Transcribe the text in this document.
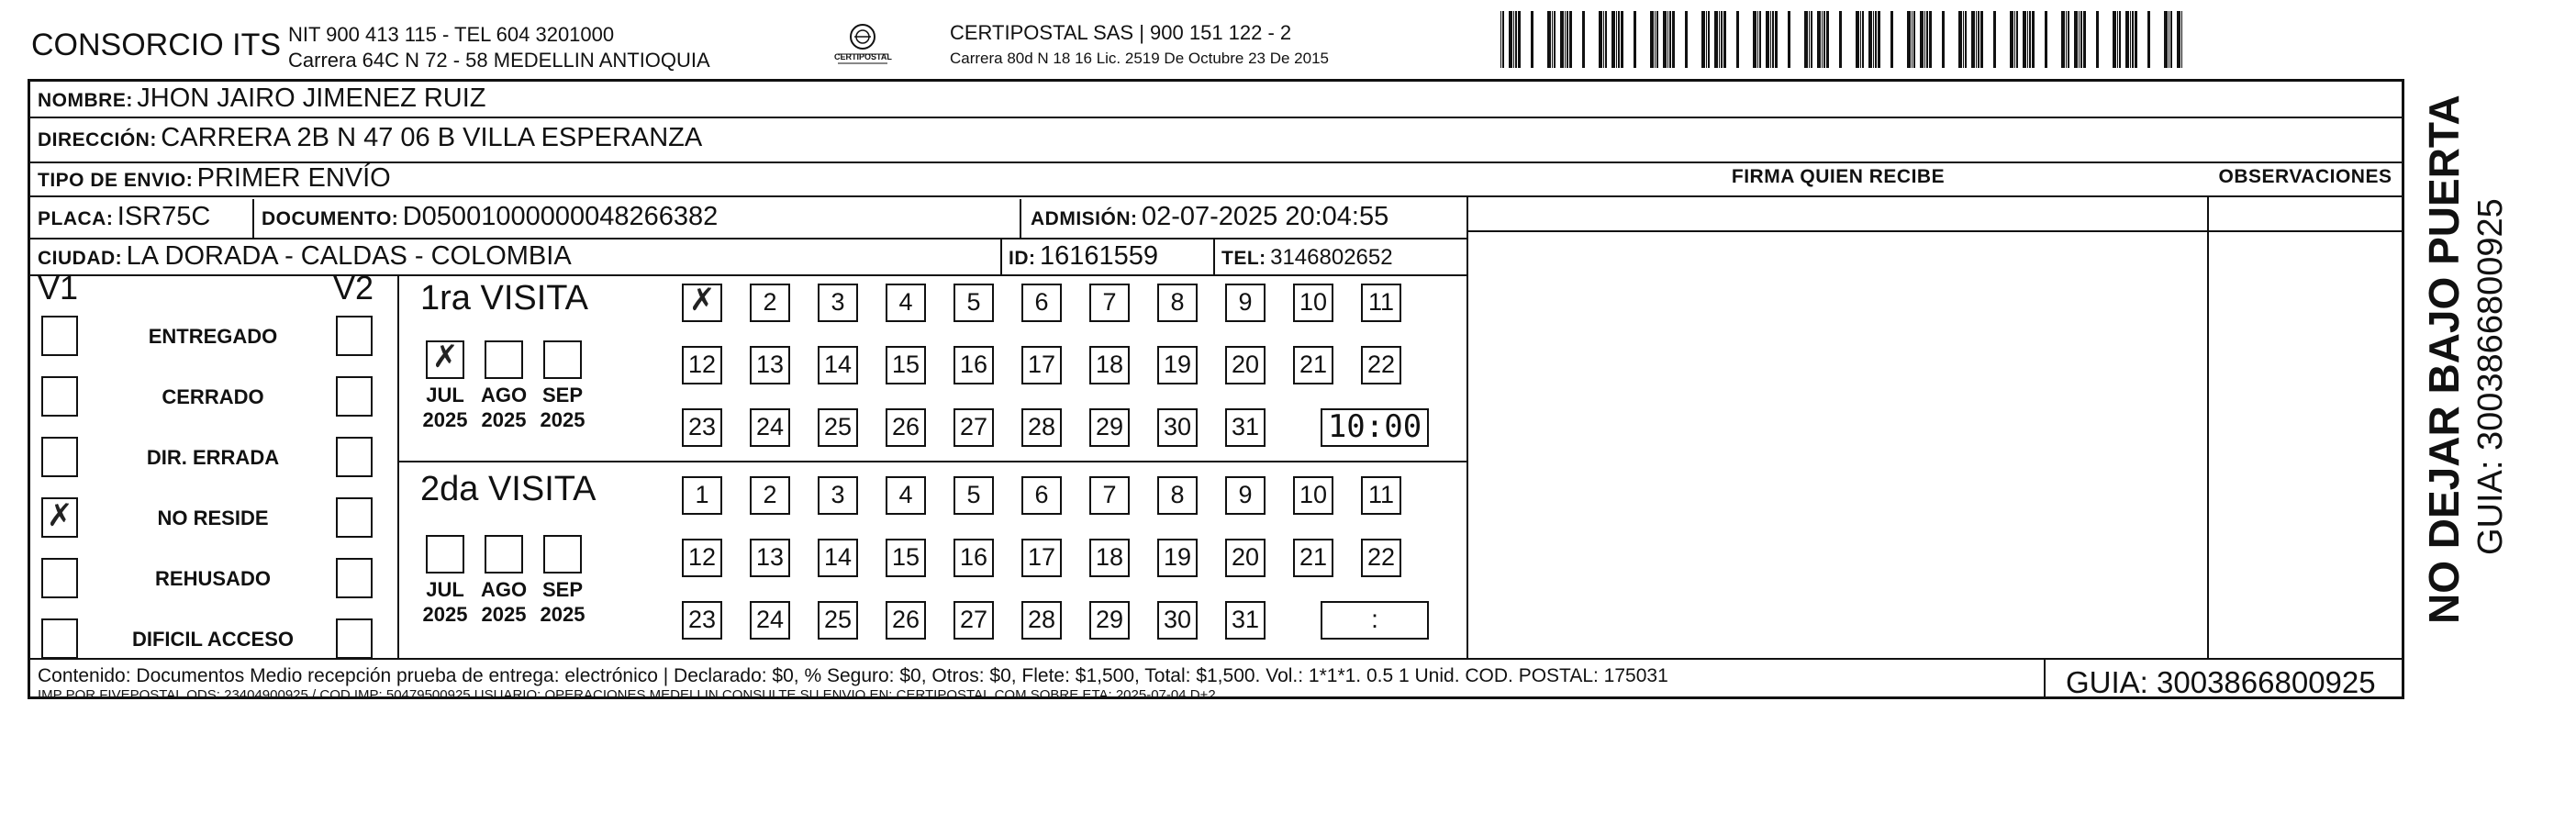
CONSORCIO ITS NIT 900 413 115 - TEL 604 3201000
Carrera 64C N 72 - 58 MEDELLIN ANTIOQUIA	CERTIPOSTAL
CERTIPOSTAL SAS | 900 151 122 - 2
Carrera 80d N 18 16 Lic. 2519 De Octubre 23 De 2015
NOMBRE: JHON JAIRO JIMENEZ RUIZ
DIRECCIÓN: CARRERA 2B N 47 06 B VILLA ESPERANZA
TIPO DE ENVIO: PRIMER ENVÍO	FIRMA QUIEN RECIBE	OBSERVACIONES
PLACA: ISR75C	DOCUMENTO: D05001000000048266382	ADMISIÓN: 02-07-2025 20:04:55
CIUDAD: LA DORADA - CALDAS - COLOMBIA	ID: 16161559	TEL: 3146802652
V1	V2
ENTREGADO
CERRADO
DIR. ERRADA
✗	NO RESIDE
REHUSADO
DIFICIL ACCESO
1ra VISITA
2da VISITA
✗
JUL
2025
AGO
2025
SEP
2025
JUL
2025
AGO
2025
SEP
2025
✗	2	3	4	5	6	7	8	9	10 11
12 13 14 15 16 17 18 19 20 21 22
23 24 25 26 27 28 29 30 31 10:00
1	2	3	4	5	6	7	8	9	10 11
12 13 14 15 16 17 18 19 20 21 22
23 24 25 26 27 28 29 30 31	:
Contenido: Documentos Medio recepción prueba de entrega: electrónico | Declarado: $0, % Seguro: $0, Otros: $0, Flete: $1,500, Total: $1,500. Vol.: 1*1*1. 0.5 1 Unid. COD. POSTAL: 175031
IMP POR FIVEPOSTAL ODS: 23404900925 / COD.IMP: 50479500925 USUARIO: OPERACIONES MEDELLIN CONSULTE SU ENVIO EN: CERTIPOSTAL.COM SOBRE ETA: 2025-07-04 D+2	GUIA: 3003866800925
NO DEJAR BAJO PUERTA GUIA: 3003866800925
